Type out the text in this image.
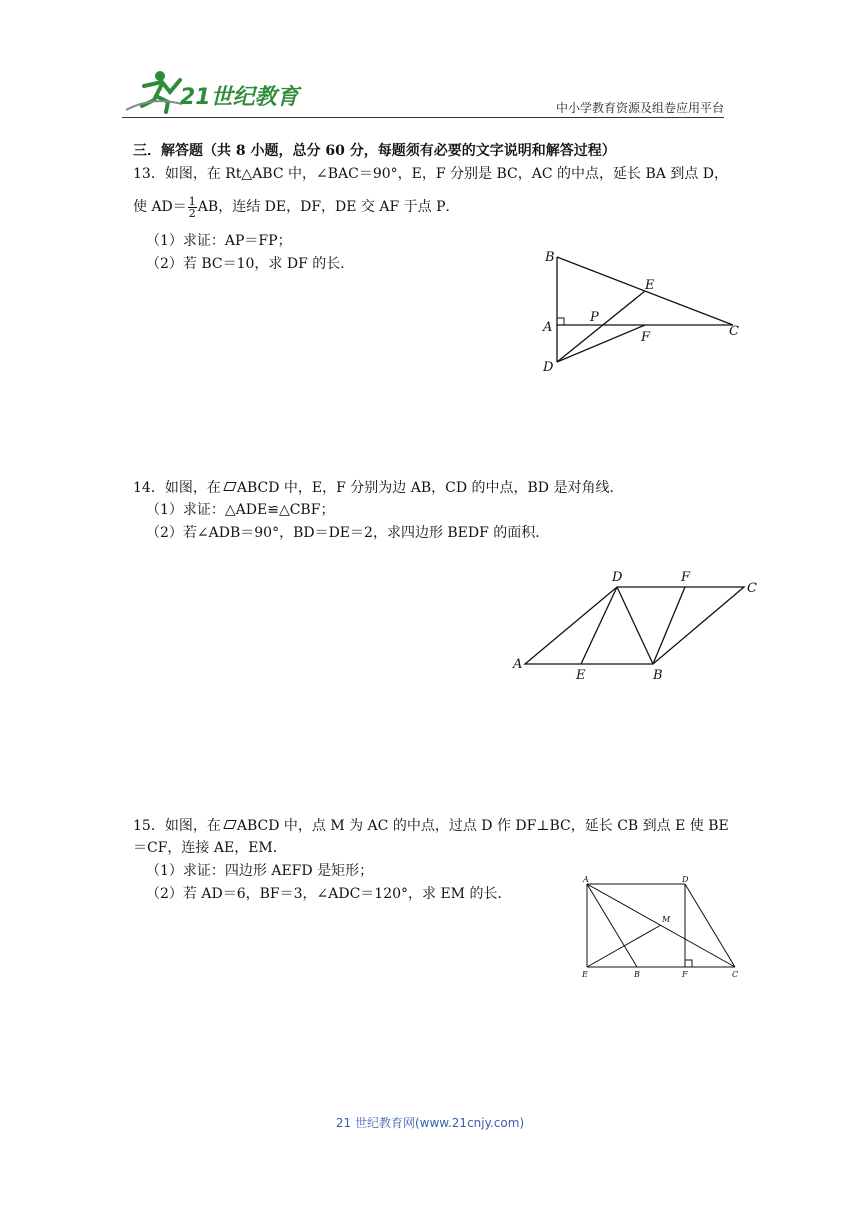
21世纪教育	中小学教育资源及组卷应用平台
三．解答题（共 8 小题，总分 60 分，每题须有必要的文字说明和解答过程）
13．如图，在 Rt△ABC 中，∠BAC＝90°，E，F 分别是 BC，AC 的中点，延长 BA 到点 D，
使 $AD= \frac{1}{2}$ AB，连结 DE，DF，DE 交 AF 于点 P．
（1）求证：AP＝FP；
（2）若 BC＝10，求 DF 的长．	B
E
A
P
C
F
D
14．如图，在 ABCD 中，E，F 分别为边 AB，CD 的中点，BD 是对角线．
（1）求证：△ADE≌△CBF；
（2）若∠ADB＝90°，BD＝DE＝2，求四边形 BEDF 的面积．
D	F
C
A
E	B
15．如图，在 ABCD 中，点 M 为 AC 的中点，过点 D 作 DF⊥BC，延长 CB 到点 E 使 BE
＝CF，连接 AE，EM．
（1）求证：四边形 AEFD 是矩形；
（2）若 AD＝6，BF＝3，∠ADC＝120°，求 EM 的长．
A	D
M
E	B	F	C
21 世纪教育网(www.21cnjy.com)
